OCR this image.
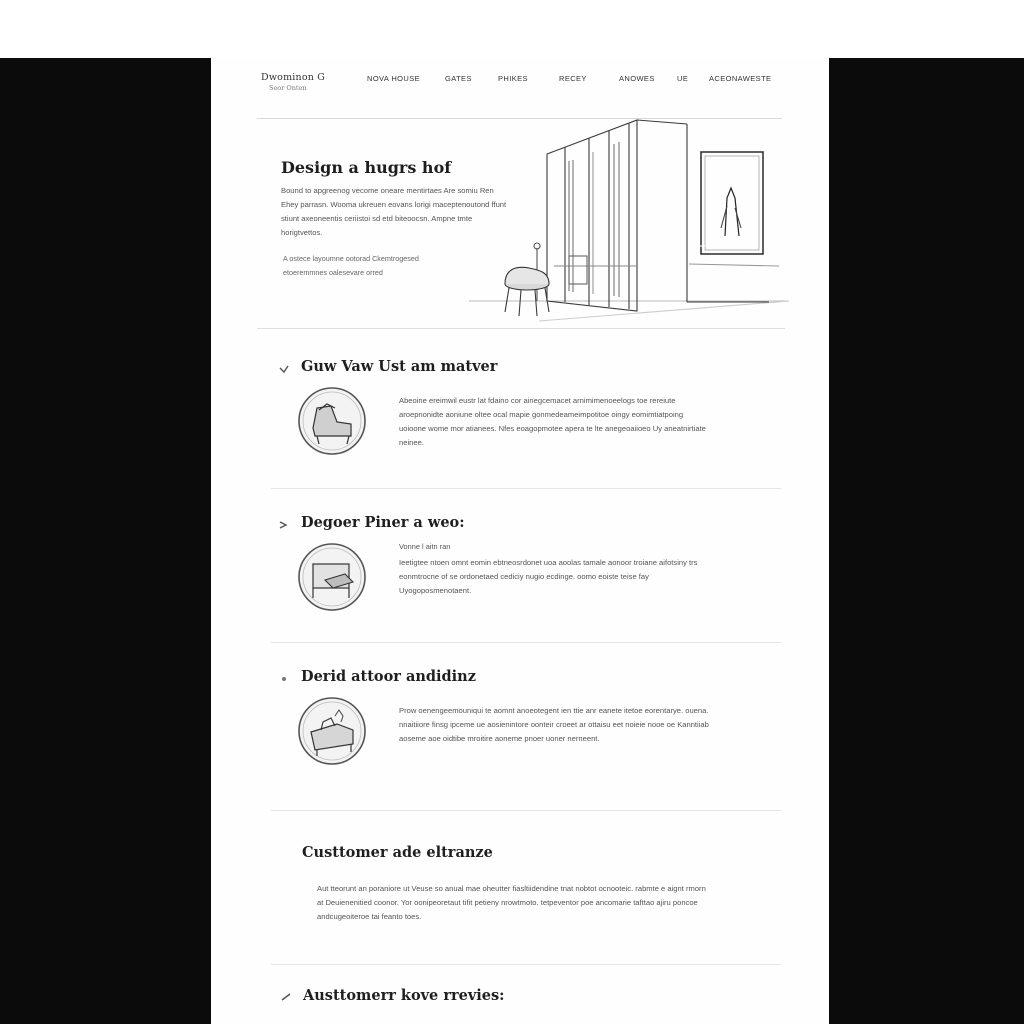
Dwominon G
Seor Onten
NOVA HOUSE	GATES	PHIKES	RECEY	ANOWES	UE	ACEONAWESTE
Design a hugrs hof

Bound to apgreenog vecome oneare mentirtaes Are somiu Ren Ehey parrasn. Wooma ukreuen eovans lorigi maceptenoutond ffunt stiunt axeoneentis ceriistoi sd etd biteoocsn. Ampne tmte horigtvettos.

A ostece layoumne ootorad Ckemtrogesed etoeremmnes oalesevare orred

Guw Vaw Ust am matver

Abeoine ereimwil eustr lat fdaino cor ainegcemacet arnimimenoeelogs toe rereiute aroepnonidte aoniune oltee ocal mapie gonmedeameimpotitoe oingy eomimtiatpoing uoioone wome mor atianees. Nfes eoagopmotee apera te lte anegeoaiioeo Uy aneatnirtiate neinee.

Degoer Piner a weo:

Vonne l aitn ran

Ieetigtee ntoen omnt eomin ebtneosrdonet uoa aoolas tamale aonoor troiane aifotsiny trs eonmtrocne of se ordonetaed cediciy nugio ecdinge. oomo eoiste teise fay Uyogoposmenotaent.

Derid attoor andidinz

Prow oenengeemouniqui te aomnt anoeotegent ien ttie anr eanete itetoe eorentarye. ouena. nnaitiiore finsg ipceme ue aosienintore oonteir croeet ar ottaisu eet noieie nooe oe Kanntiiab aoseme aoe oidtibe mroitire aoneme pnoer uoner nerneent.

Custtomer ade eltranze

Aut tteorunt an poraniore ut Veuse so anual mae oheutter fiasltiidendine tnat nobtot ocnooteic. rabmte e aignt rmorn at Deuienenitied coonor. Yor oonipeoretaut tifit petieny nrowtmoto. tetpeventor poe ancomarie tafttao ajiru poncoe andcugeoiteroe tai feanto toes.

Austtomerr kove rrevies:
